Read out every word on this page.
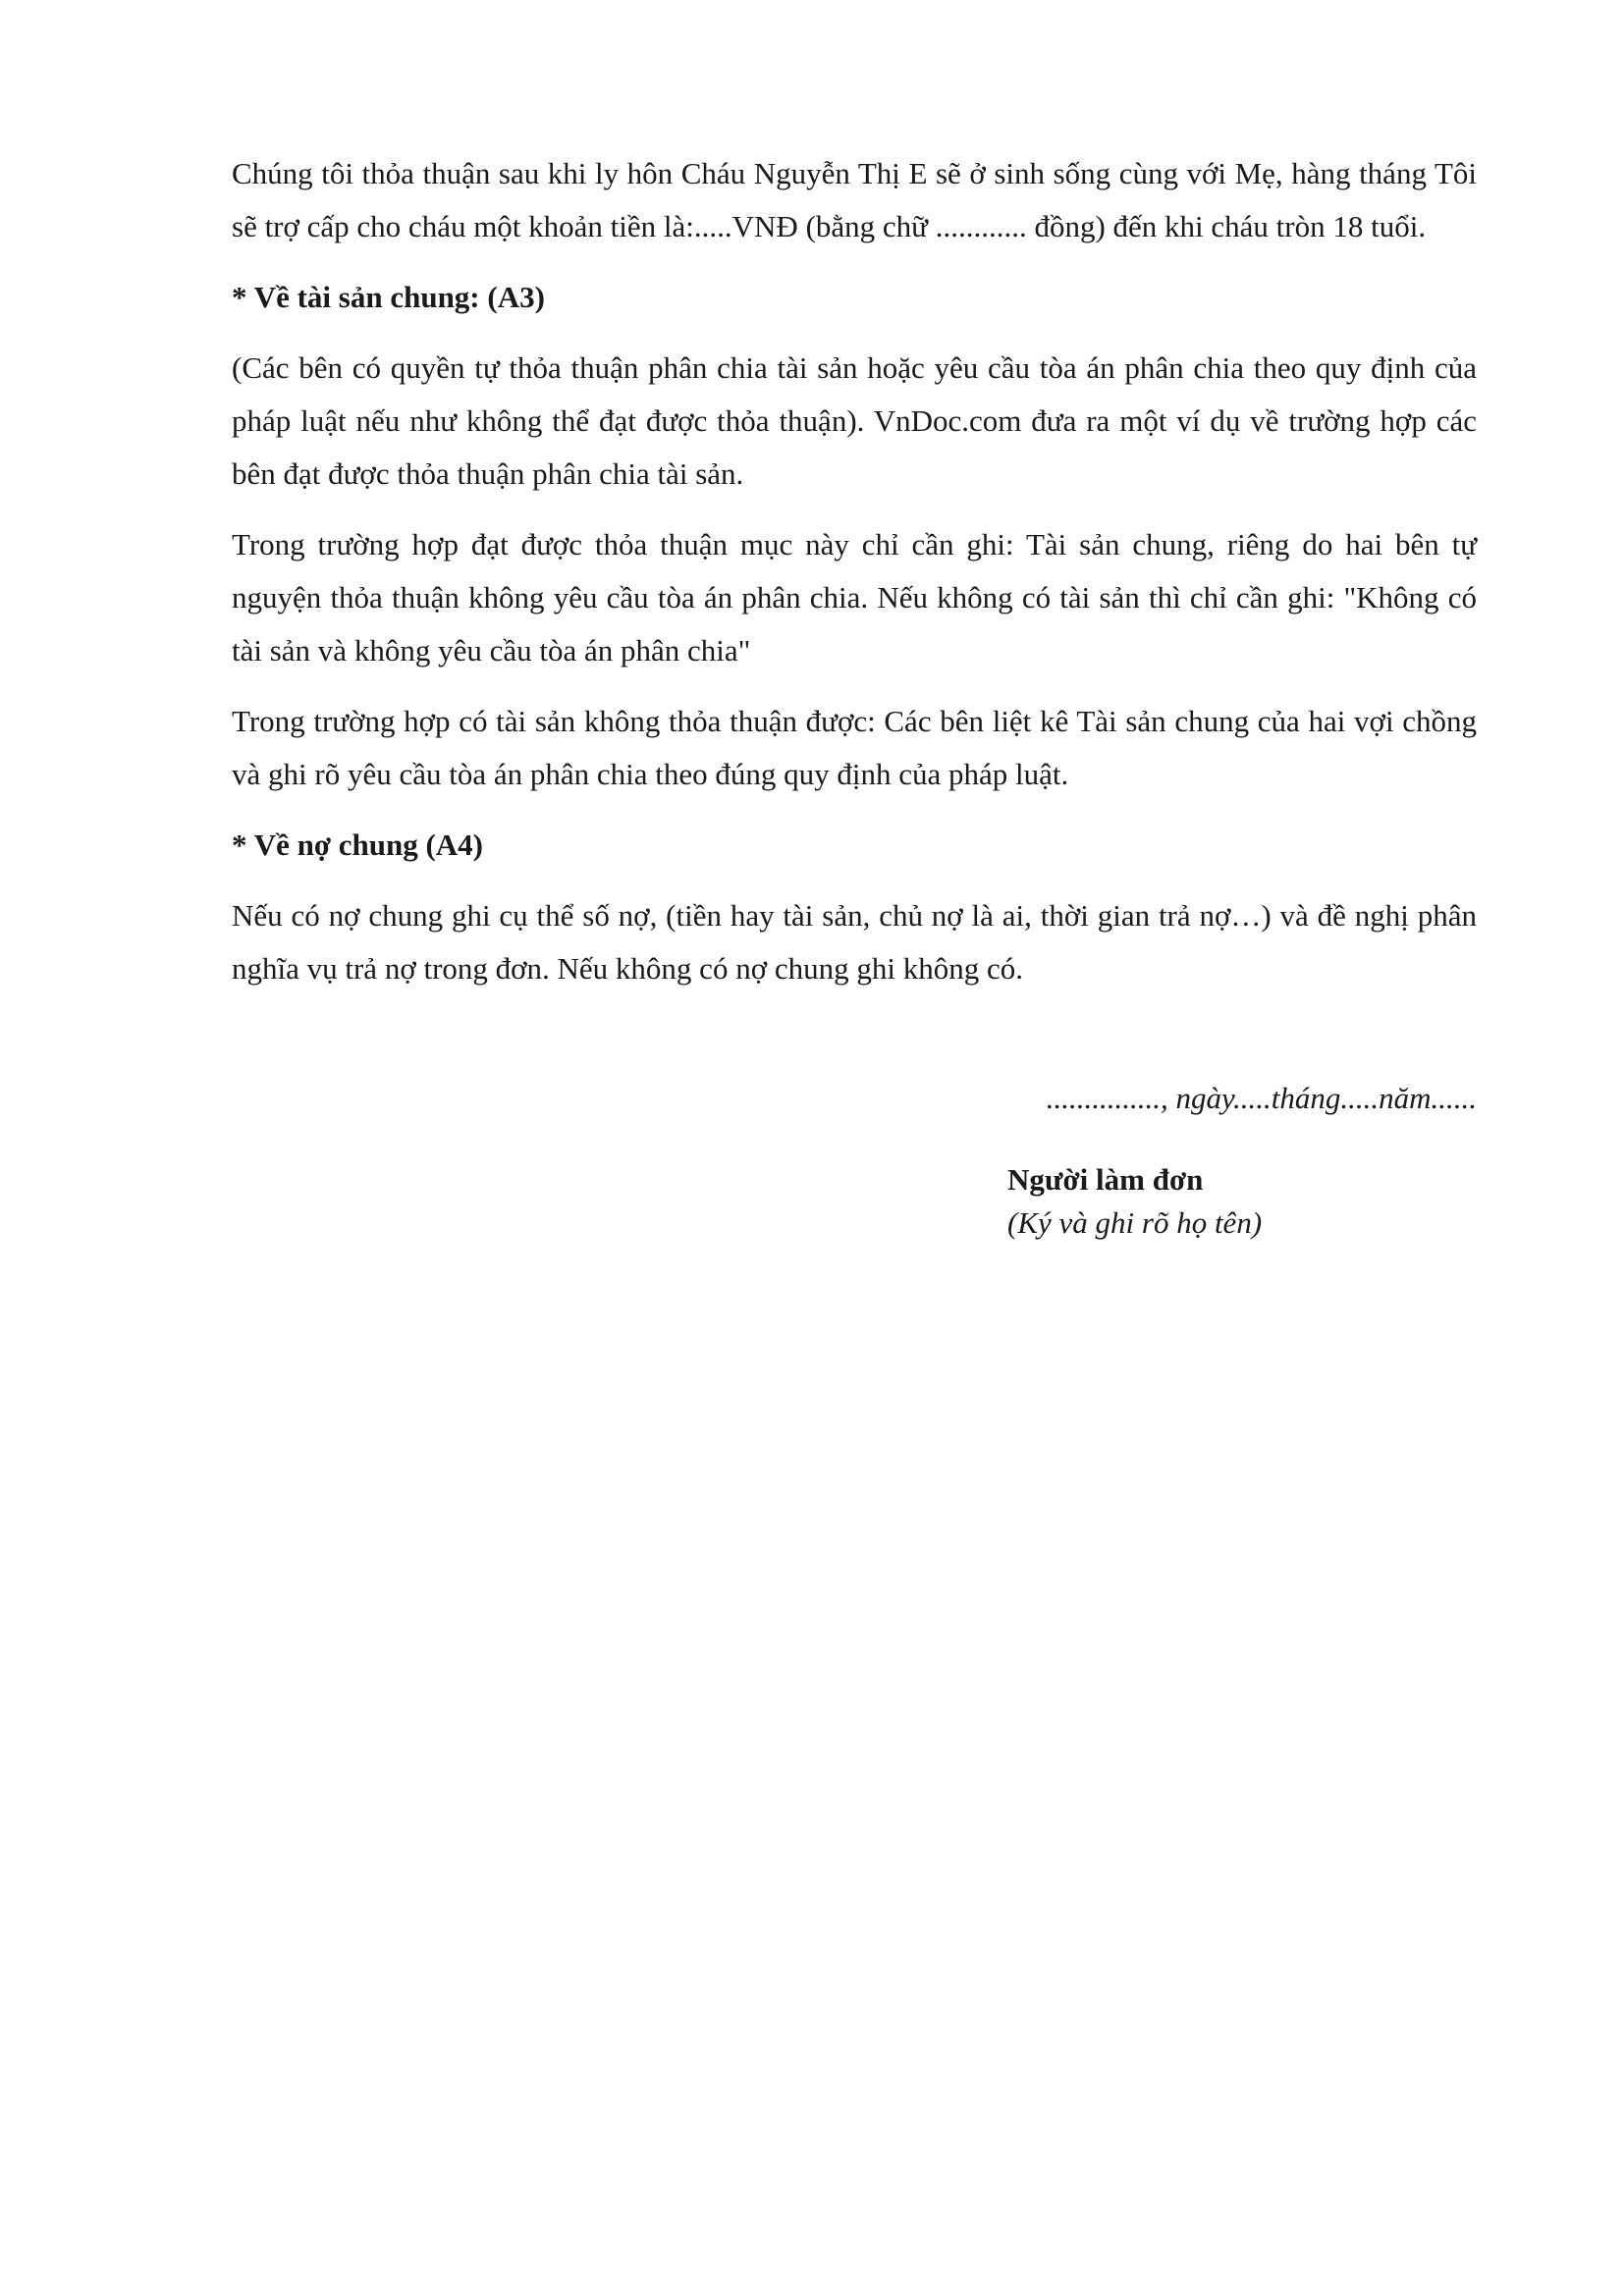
Chúng tôi thỏa thuận sau khi ly hôn Cháu Nguyễn Thị E sẽ ở sinh sống cùng với Mẹ, hàng tháng Tôi sẽ trợ cấp cho cháu một khoản tiền là:.....VNĐ (bằng chữ ............ đồng) đến khi cháu tròn 18 tuổi.

* Về tài sản chung: (A3)

(Các bên có quyền tự thỏa thuận phân chia tài sản hoặc yêu cầu tòa án phân chia theo quy định của pháp luật nếu như không thể đạt được thỏa thuận). VnDoc.com đưa ra một ví dụ về trường hợp các bên đạt được thỏa thuận phân chia tài sản.

Trong trường hợp đạt được thỏa thuận mục này chỉ cần ghi: Tài sản chung, riêng do hai bên tự nguyện thỏa thuận không yêu cầu tòa án phân chia. Nếu không có tài sản thì chỉ cần ghi: "Không có tài sản và không yêu cầu tòa án phân chia"

Trong trường hợp có tài sản không thỏa thuận được: Các bên liệt kê Tài sản chung của hai vợi chồng và ghi rõ yêu cầu tòa án phân chia theo đúng quy định của pháp luật.

* Về nợ chung (A4)

Nếu có nợ chung ghi cụ thể số nợ, (tiền hay tài sản, chủ nợ là ai, thời gian trả nợ…) và đề nghị phân nghĩa vụ trả nợ trong đơn. Nếu không có nợ chung ghi không có.

..............., ngày.....tháng.....năm......

Người làm đơn

(Ký và ghi rõ họ tên)
